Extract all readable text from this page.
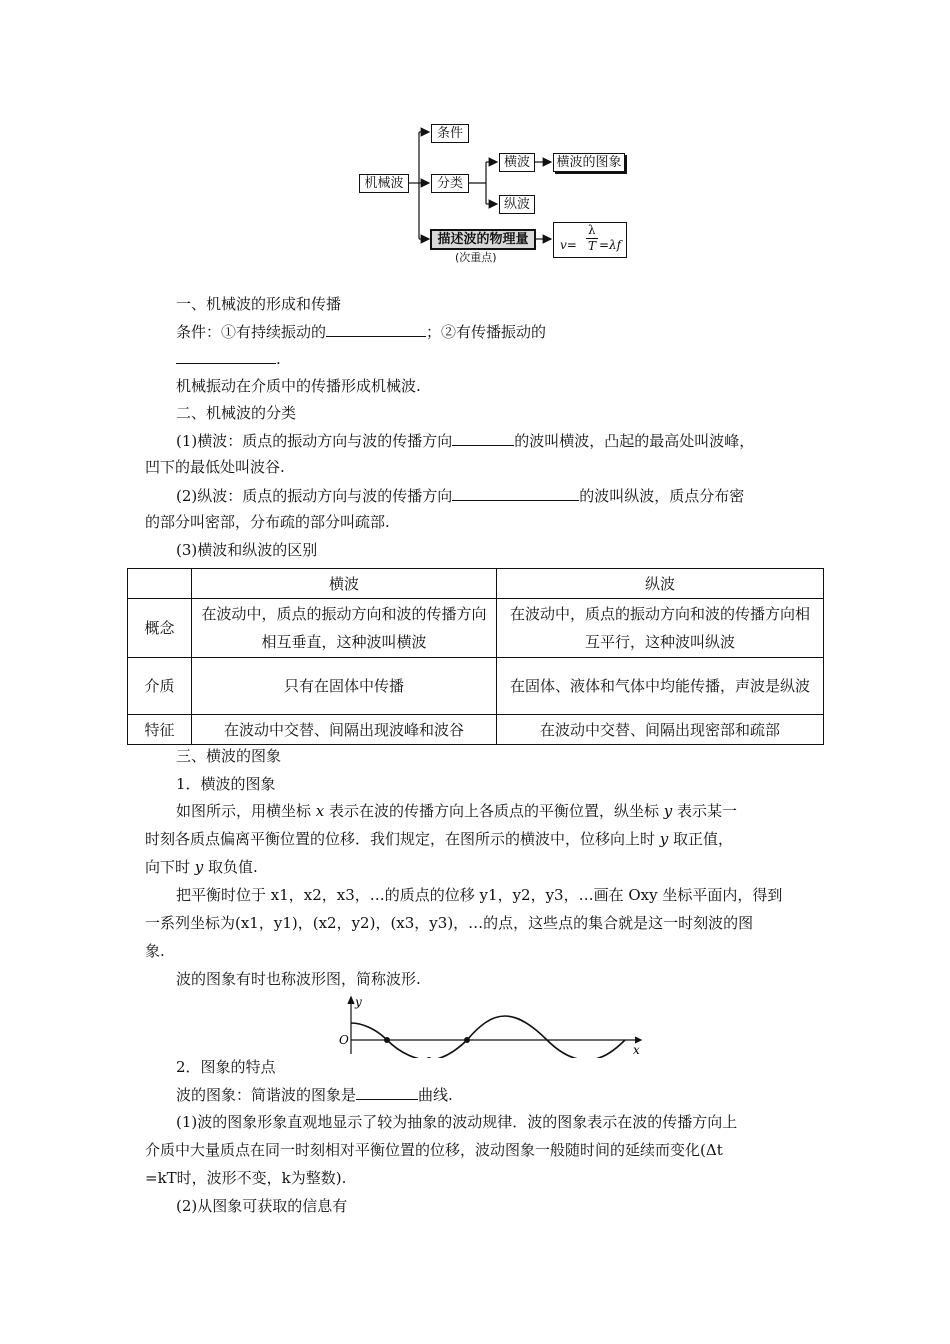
机械波
条件
分类
横波	横波的图象
纵波
描述波的物理量
(次重点)
λ
v= T =λf
一、机械波的形成和传播
条件：①有持续振动的	；②有传播振动的
.
机械振动在介质中的传播形成机械波.
二、机械波的分类
(1)横波：质点的振动方向与波的传播方向	的波叫横波，凸起的最高处叫波峰，
凹下的最低处叫波谷.
(2)纵波：质点的振动方向与波的传播方向	的波叫纵波，质点分布密
的部分叫密部，分布疏的部分叫疏部.
(3)横波和纵波的区别
	横波	纵波
概念	在波动中，质点的振动方向和波的传播方向相互垂直，这种波叫横波	在波动中，质点的振动方向和波的传播方向相互平行，这种波叫纵波
介质	只有在固体中传播	在固体、液体和气体中均能传播，声波是纵波
特征	在波动中交替、间隔出现波峰和波谷	在波动中交替、间隔出现密部和疏部
三、横波的图象
1．横波的图象
如图所示，用横坐标 x 表示在波的传播方向上各质点的平衡位置，纵坐标 y 表示某一
时刻各质点偏离平衡位置的位移．我们规定，在图所示的横波中，位移向上时 y 取正值，
向下时 y 取负值.
把平衡时位于 x1，x2，x3，…的质点的位移 y1，y2，y3，…画在 Oxy 坐标平面内，得到
一系列坐标为(x1，y1)，(x2，y2)，(x3，y3)，…的点，这些点的集合就是这一时刻波的图
象.
波的图象有时也称波形图，简称波形.
y
x
O
2．图象的特点
波的图象：简谐波的图象是	曲线.
(1)波的图象形象直观地显示了较为抽象的波动规律．波的图象表示在波的传播方向上
介质中大量质点在同一时刻相对平衡位置的位移，波动图象一般随时间的延续而变化(Δt
=kT时，波形不变，k为整数).
(2)从图象可获取的信息有
